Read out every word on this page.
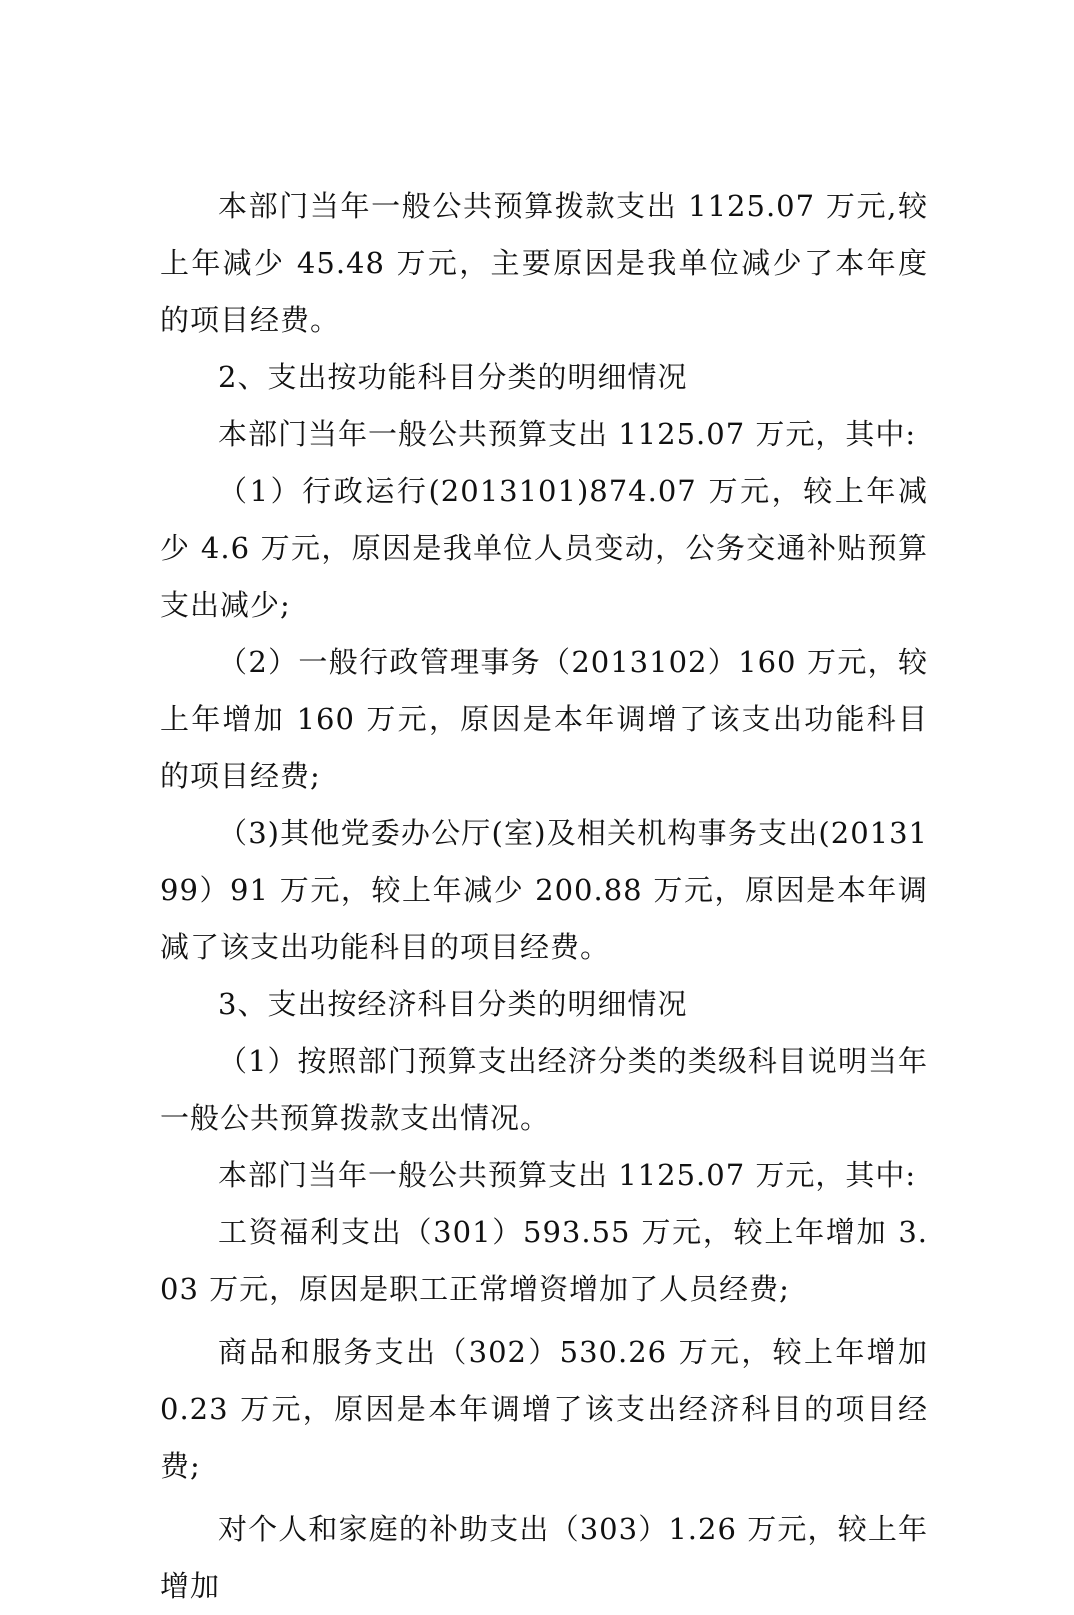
本部门当年一般公共预算拨款支出 1125.07 万元,较上年减少 45.48 万元，主要原因是我单位减少了本年度的项目经费。

2、支出按功能科目分类的明细情况

本部门当年一般公共预算支出 1125.07 万元，其中:

（1）行政运行(2013101)874.07 万元，较上年减少 4.6 万元，原因是我单位人员变动，公务交通补贴预算支出减少;

（2）一般行政管理事务（2013102）160 万元，较上年增加 160 万元，原因是本年调增了该支出功能科目的项目经费;

（3)其他党委办公厅(室)及相关机构事务支出(2013199）91 万元，较上年减少 200.88 万元，原因是本年调减了该支出功能科目的项目经费。

3、支出按经济科目分类的明细情况

（1）按照部门预算支出经济分类的类级科目说明当年一般公共预算拨款支出情况。

本部门当年一般公共预算支出 1125.07 万元，其中:

工资福利支出（301）593.55 万元，较上年增加 3.03 万元，原因是职工正常增资增加了人员经费;

商品和服务支出（302）530.26 万元，较上年增加 0.23 万元，原因是本年调增了该支出经济科目的项目经费;

对个人和家庭的补助支出（303）1.26 万元，较上年增加
